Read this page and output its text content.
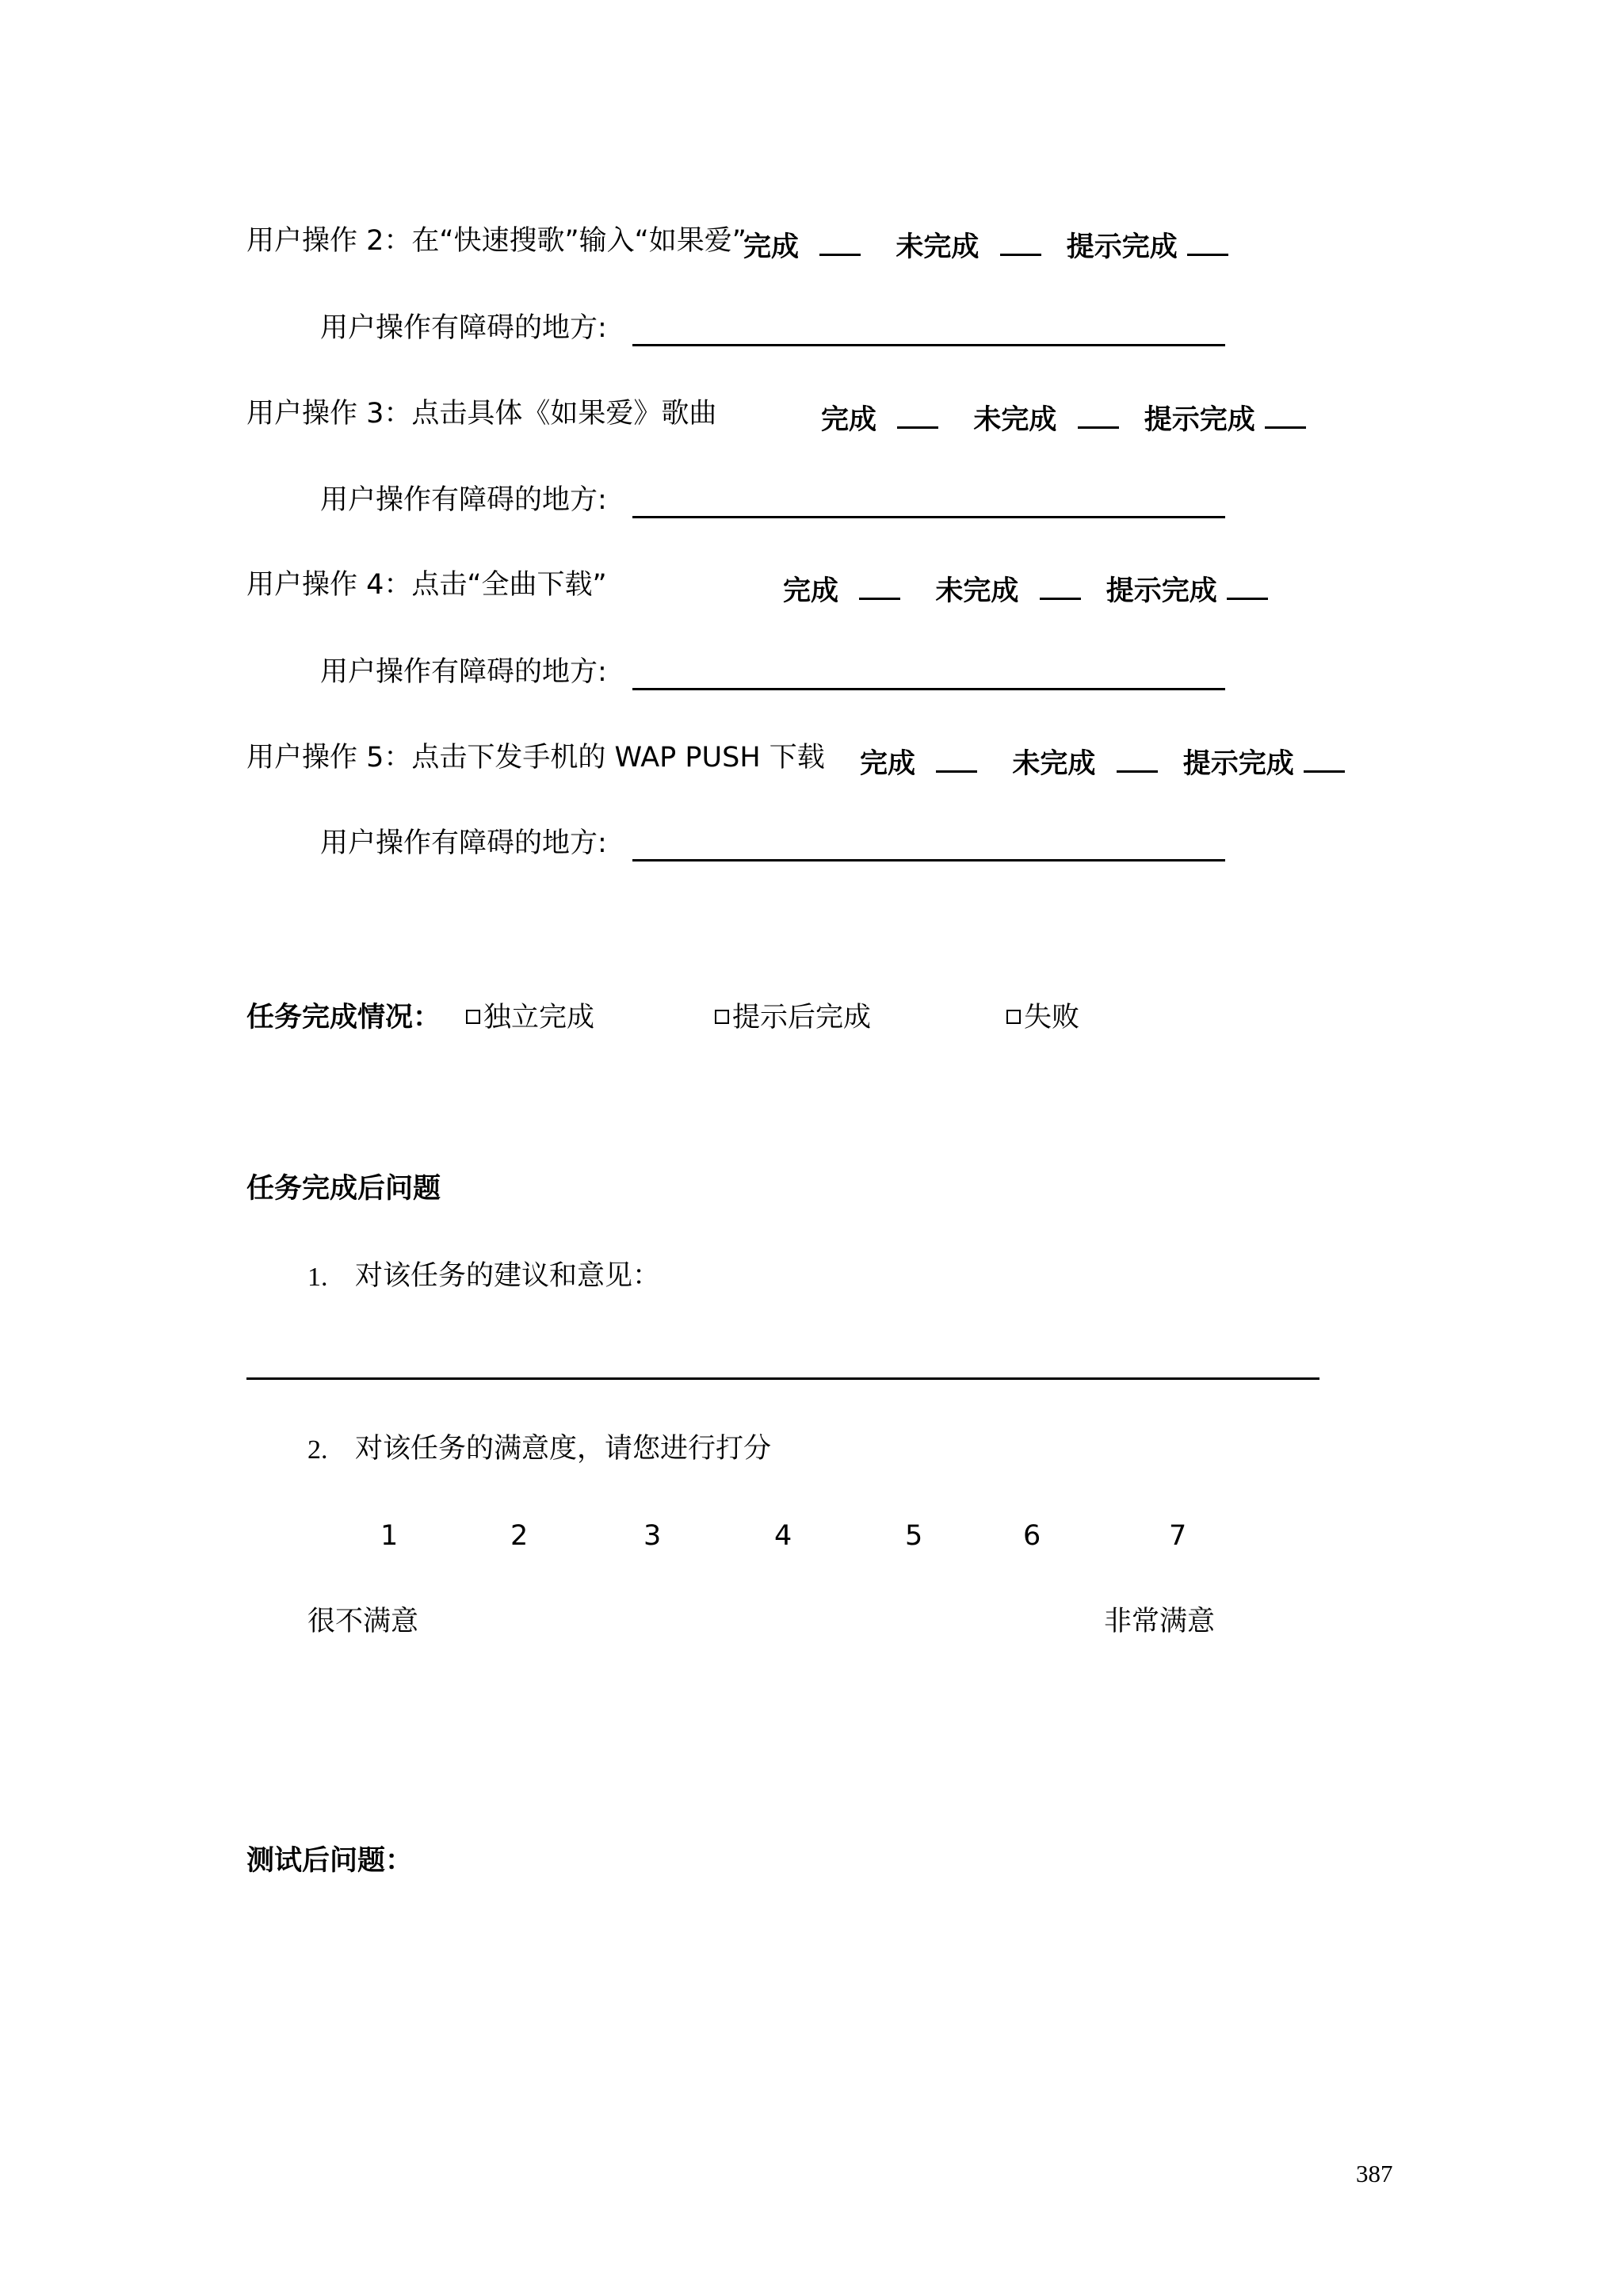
用户操作 2：在“快速搜歌”输入“如果爱”
完成	未完成	提示完成
用户操作有障碍的地方:
用户操作 3：点击具体《如果爱》歌曲	完成	未完成	提示完成
用户操作有障碍的地方:
用户操作 4：点击“全曲下载”	完成	未完成	提示完成
用户操作有障碍的地方:
用户操作 5：点击下发手机的 WAP PUSH 下载 完成	未完成	提示完成
用户操作有障碍的地方:
任务完成情况：	独立完成	提示后完成	失败
任务完成后问题
1. 对该任务的建议和意见：
2. 对该任务的满意度，请您进行打分
1	2	3	4	5	6	7
很不满意	非常满意
测试后问题：
387
